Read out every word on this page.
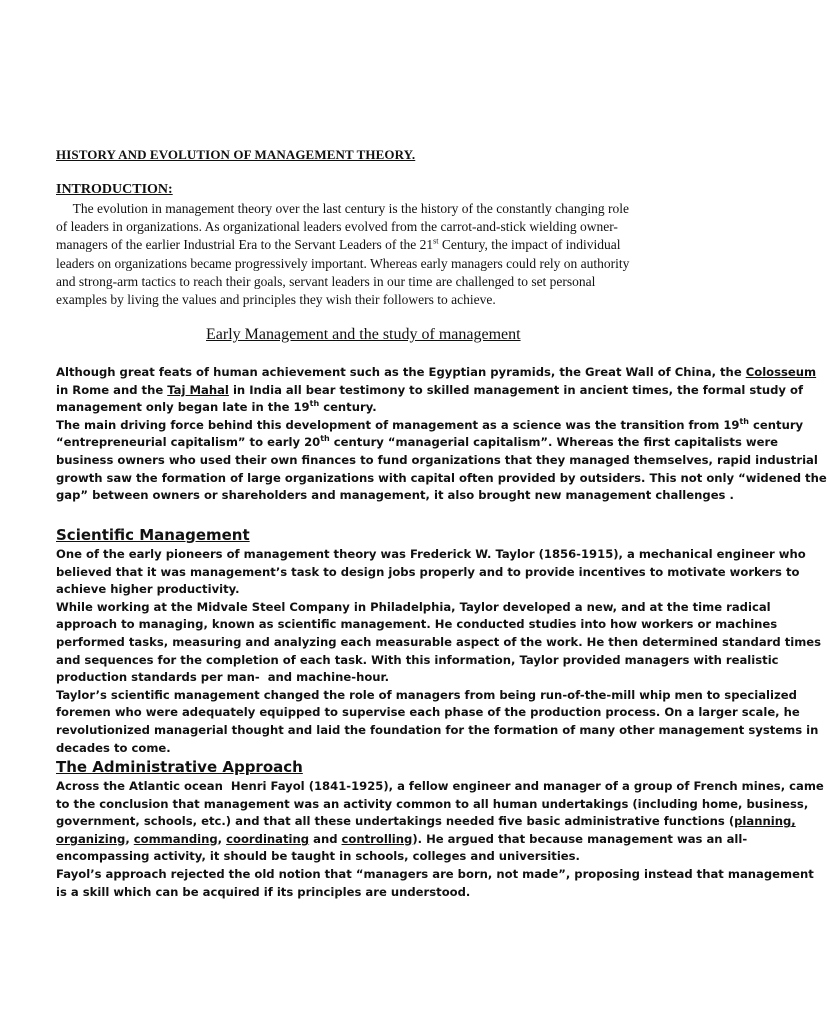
HISTORY AND EVOLUTION OF MANAGEMENT THEORY.
INTRODUCTION:
The evolution in management theory over the last century is the history of the constantly changing role
of leaders in organizations. As organizational leaders evolved from the carrot-and-stick wielding owner-
managers of the earlier Industrial Era to the Servant Leaders of the 21st Century, the impact of individual
leaders on organizations became progressively important. Whereas early managers could rely on authority
and strong-arm tactics to reach their goals, servant leaders in our time are challenged to set personal
examples by living the values and principles they wish their followers to achieve.
Early Management and the study of management
Although great feats of human achievement such as the Egyptian pyramids, the Great Wall of China, the Colosseum
in Rome and the Taj Mahal in India all bear testimony to skilled management in ancient times, the formal study of
management only began late in the 19th century.
The main driving force behind this development of management as a science was the transition from 19th century
“entrepreneurial capitalism” to early 20th century “managerial capitalism”. Whereas the first capitalists were
business owners who used their own finances to fund organizations that they managed themselves, rapid industrial
growth saw the formation of large organizations with capital often provided by outsiders. This not only “widened the
gap” between owners or shareholders and management, it also brought new management challenges .
Scientific Management
One of the early pioneers of management theory was Frederick W. Taylor (1856-1915), a mechanical engineer who
believed that it was management’s task to design jobs properly and to provide incentives to motivate workers to
achieve higher productivity.
While working at the Midvale Steel Company in Philadelphia, Taylor developed a new, and at the time radical
approach to managing, known as scientific management. He conducted studies into how workers or machines
performed tasks, measuring and analyzing each measurable aspect of the work. He then determined standard times
and sequences for the completion of each task. With this information, Taylor provided managers with realistic
production standards per man-  and machine-hour.
Taylor’s scientific management changed the role of managers from being run-of-the-mill whip men to specialized
foremen who were adequately equipped to supervise each phase of the production process. On a larger scale, he
revolutionized managerial thought and laid the foundation for the formation of many other management systems in
decades to come.
The Administrative Approach
Across the Atlantic ocean  Henri Fayol (1841-1925), a fellow engineer and manager of a group of French mines, came
to the conclusion that management was an activity common to all human undertakings (including home, business,
government, schools, etc.) and that all these undertakings needed five basic administrative functions (planning,
organizing, commanding, coordinating and controlling). He argued that because management was an all-
encompassing activity, it should be taught in schools, colleges and universities.
Fayol’s approach rejected the old notion that “managers are born, not made”, proposing instead that management
is a skill which can be acquired if its principles are understood.
